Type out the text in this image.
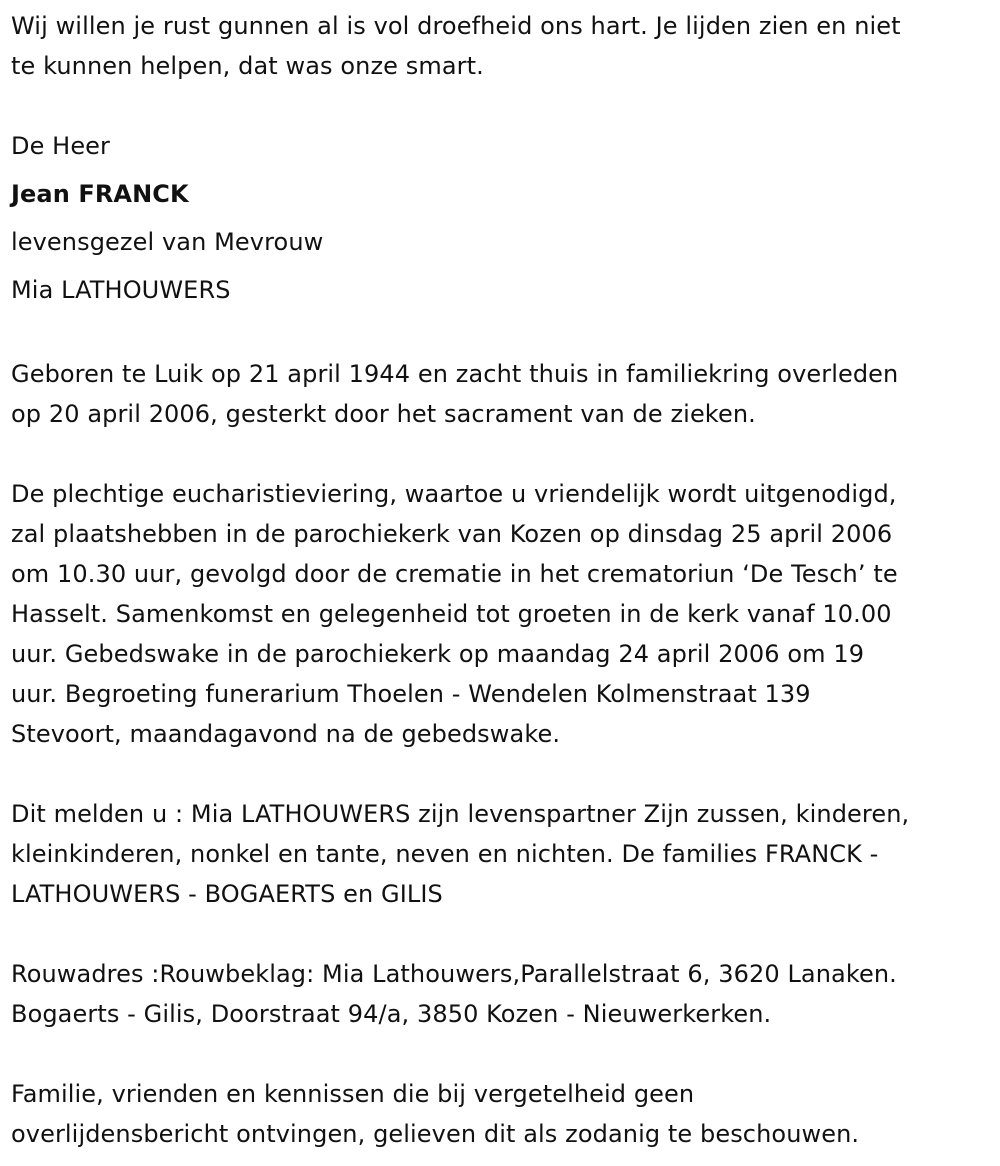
Wij willen je rust gunnen al is vol droefheid ons hart. Je lijden zien en niet
te kunnen helpen, dat was onze smart.
De Heer
Jean FRANCK
levensgezel van Mevrouw
Mia LATHOUWERS
Geboren te Luik op 21 april 1944 en zacht thuis in familiekring overleden
op 20 april 2006, gesterkt door het sacrament van de zieken.
De plechtige eucharistieviering, waartoe u vriendelijk wordt uitgenodigd,
zal plaatshebben in de parochiekerk van Kozen op dinsdag 25 april 2006
om 10.30 uur, gevolgd door de crematie in het crematoriun ‘De Tesch’ te
Hasselt. Samenkomst en gelegenheid tot groeten in de kerk vanaf 10.00
uur. Gebedswake in de parochiekerk op maandag 24 april 2006 om 19
uur. Begroeting funerarium Thoelen - Wendelen Kolmenstraat 139
Stevoort, maandagavond na de gebedswake.
Dit melden u : Mia LATHOUWERS zijn levenspartner Zijn zussen, kinderen,
kleinkinderen, nonkel en tante, neven en nichten. De families FRANCK -
LATHOUWERS - BOGAERTS en GILIS
Rouwadres :Rouwbeklag: Mia Lathouwers,Parallelstraat 6, 3620 Lanaken.
Bogaerts - Gilis, Doorstraat 94/a, 3850 Kozen - Nieuwerkerken.
Familie, vrienden en kennissen die bij vergetelheid geen
overlijdensbericht ontvingen, gelieven dit als zodanig te beschouwen.
